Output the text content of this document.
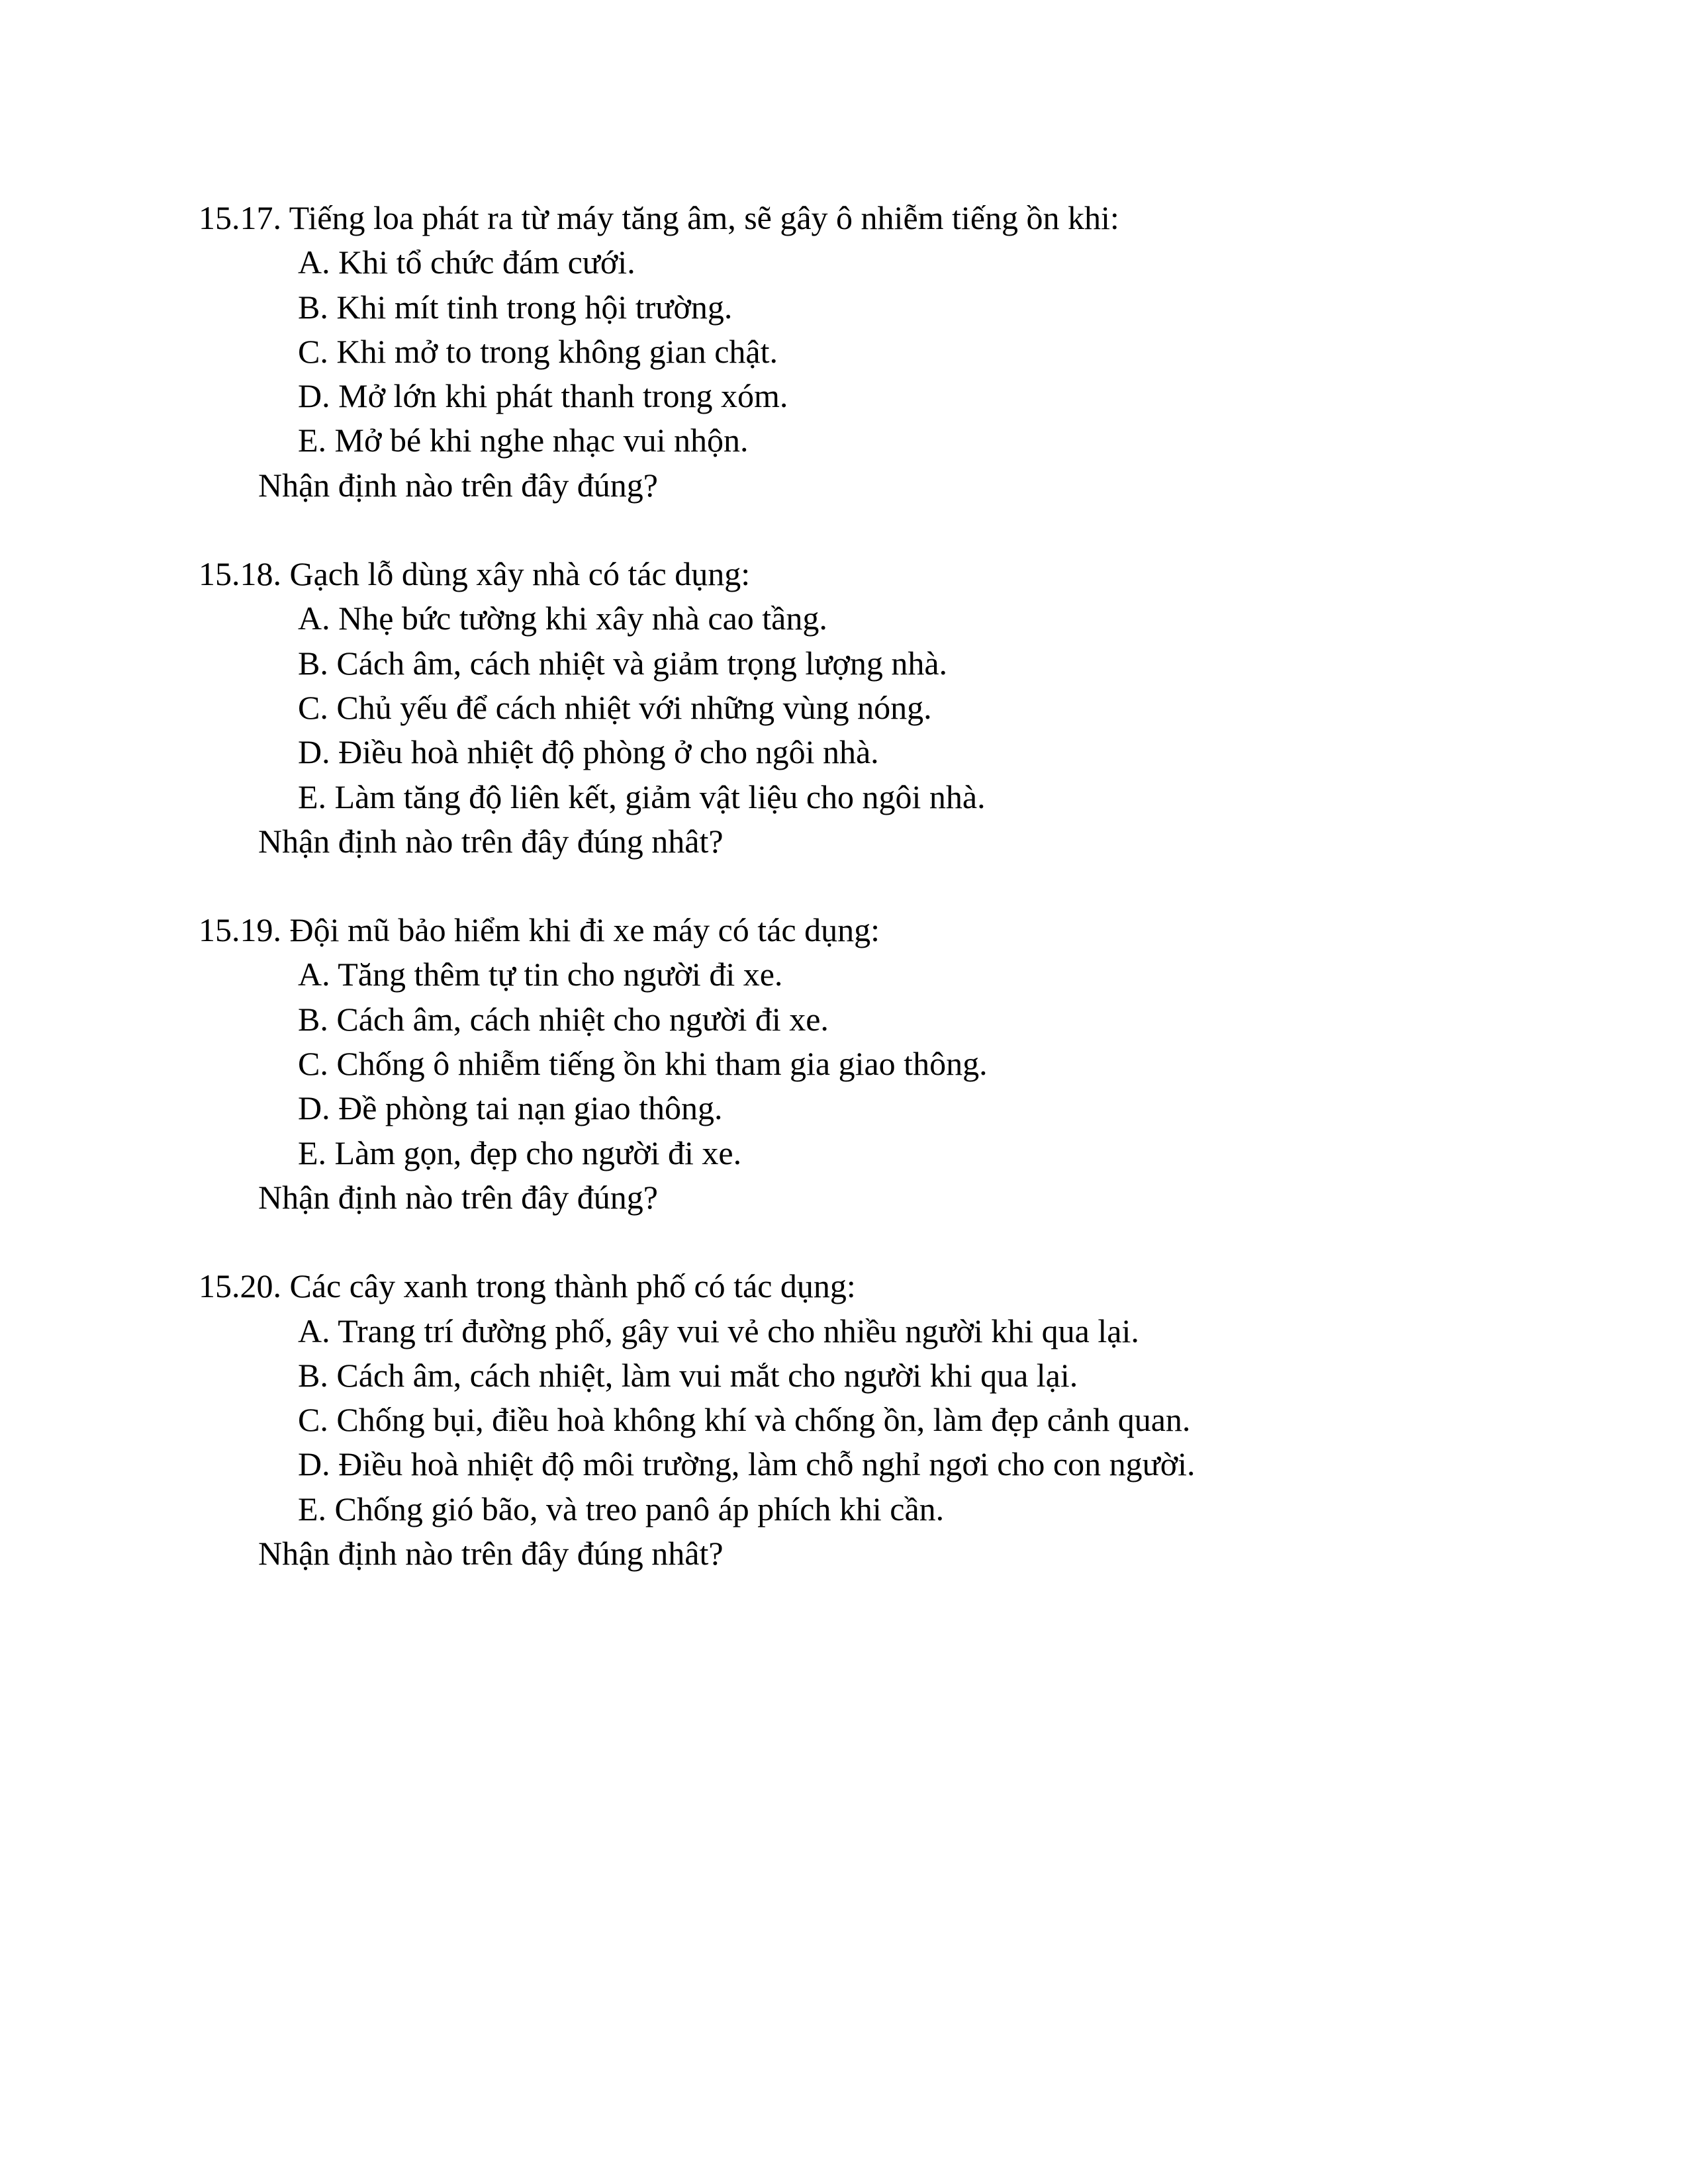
15.17. Tiếng loa phát ra từ máy tăng âm, sẽ gây ô nhiễm tiếng ồn khi:
A. Khi tổ chức đám cưới.
B. Khi mít tinh trong hội trường.
C. Khi mở to trong không gian chật.
D. Mở lớn khi phát thanh trong xóm.
E. Mở bé khi nghe nhạc vui nhộn.
Nhận định nào trên đây đúng?
15.18. Gạch lỗ dùng xây nhà có tác dụng:
A. Nhẹ bức tường khi xây nhà cao tầng.
B. Cách âm, cách nhiệt và giảm trọng lượng nhà.
C. Chủ yếu để cách nhiệt với những vùng nóng.
D. Điều hoà nhiệt độ phòng ở cho ngôi nhà.
E. Làm tăng độ liên kết, giảm vật liệu cho ngôi nhà.
Nhận định nào trên đây đúng nhât?
15.19. Đội mũ bảo hiểm khi đi xe máy có tác dụng:
A. Tăng thêm tự tin cho người đi xe.
B. Cách âm, cách nhiệt cho người đi xe.
C. Chống ô nhiễm tiếng ồn khi tham gia giao thông.
D. Đề phòng tai nạn giao thông.
E. Làm gọn, đẹp cho người đi xe.
Nhận định nào trên đây đúng?
15.20. Các cây xanh trong thành phố có tác dụng:
A. Trang trí đường phố, gây vui vẻ cho nhiều người khi qua lại.
B. Cách âm, cách nhiệt, làm vui mắt cho người khi qua lại.
C. Chống bụi, điều hoà không khí và chống ồn, làm đẹp cảnh quan.
D. Điều hoà nhiệt độ môi trường, làm chỗ nghỉ ngơi cho con người.
E. Chống gió bão, và treo panô áp phích khi cần.
Nhận định nào trên đây đúng nhât?
